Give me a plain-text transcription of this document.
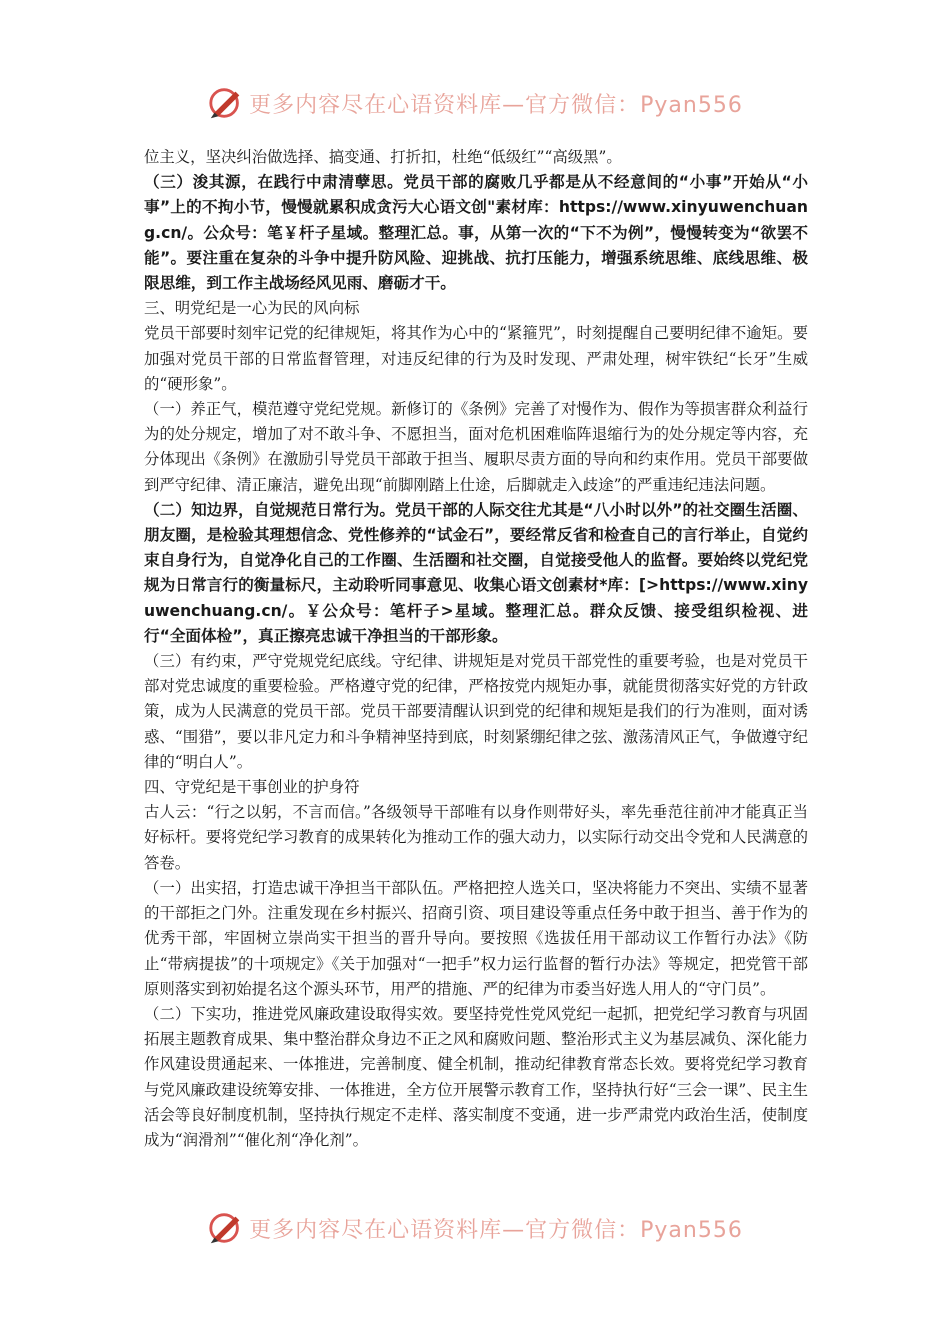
更多内容尽在心语资料库—官方微信：Pyan556

位主义，坚决纠治做选择、搞变通、打折扣，杜绝“低级红”“高级黑”。

（三）浚其源，在践行中肃清孽思。党员干部的腐败几乎都是从不经意间的“小事”开始从“小事”上的不拘小节，慢慢就累积成贪污大心语文创"素材库：https://www.xinyuwenchuang.cn/。公众号：笔￥杆子星域。整理汇总。事，从第一次的“下不为例”，慢慢转变为“欲罢不能”。要注重在复杂的斗争中提升防风险、迎挑战、抗打压能力，增强系统思维、底线思维、极限思维，到工作主战场经风见雨、磨砺才干。

三、明党纪是一心为民的风向标

党员干部要时刻牢记党的纪律规矩，将其作为心中的“紧箍咒”，时刻提醒自己要明纪律不逾矩。要加强对党员干部的日常监督管理，对违反纪律的行为及时发现、严肃处理，树牢铁纪“长牙”生威的“硬形象”。

（一）养正气，模范遵守党纪党规。新修订的《条例》完善了对慢作为、假作为等损害群众利益行为的处分规定，增加了对不敢斗争、不愿担当，面对危机困难临阵退缩行为的处分规定等内容，充分体现出《条例》在激励引导党员干部敢于担当、履职尽责方面的导向和约束作用。党员干部要做到严守纪律、清正廉洁，避免出现“前脚刚踏上仕途，后脚就走入歧途”的严重违纪违法问题。

（二）知边界，自觉规范日常行为。党员干部的人际交往尤其是“八小时以外”的社交圈生活圈、朋友圈，是检验其理想信念、党性修养的“试金石”，要经常反省和检查自己的言行举止，自觉约束自身行为，自觉净化自己的工作圈、生活圈和社交圈，自觉接受他人的监督。要始终以党纪党规为日常言行的衡量标尺，主动聆听同事意见、收集心语文创素材*库：[>https://www.xinyuwenchuang.cn/。￥公众号：笔杆子>星域。整理汇总。群众反馈、接受组织检视、进行“全面体检”，真正擦亮忠诚干净担当的干部形象。

（三）有约束，严守党规党纪底线。守纪律、讲规矩是对党员干部党性的重要考验，也是对党员干部对党忠诚度的重要检验。严格遵守党的纪律，严格按党内规矩办事，就能贯彻落实好党的方针政策，成为人民满意的党员干部。党员干部要清醒认识到党的纪律和规矩是我们的行为准则，面对诱惑、“围猎”，要以非凡定力和斗争精神坚持到底，时刻紧绷纪律之弦、激荡清风正气，争做遵守纪律的“明白人”。

四、守党纪是干事创业的护身符

古人云：“行之以躬，不言而信。”各级领导干部唯有以身作则带好头，率先垂范往前冲才能真正当好标杆。要将党纪学习教育的成果转化为推动工作的强大动力，以实际行动交出令党和人民满意的答卷。

（一）出实招，打造忠诚干净担当干部队伍。严格把控人选关口，坚决将能力不突出、实绩不显著的干部拒之门外。注重发现在乡村振兴、招商引资、项目建设等重点任务中敢于担当、善于作为的优秀干部，牢固树立崇尚实干担当的晋升导向。要按照《选拔任用干部动议工作暂行办法》《防止“带病提拔”的十项规定》《关于加强对“一把手”权力运行监督的暂行办法》等规定，把党管干部原则落实到初始提名这个源头环节，用严的措施、严的纪律为市委当好选人用人的“守门员”。

（二）下实功，推进党风廉政建设取得实效。要坚持党性党风党纪一起抓，把党纪学习教育与巩固拓展主题教育成果、集中整治群众身边不正之风和腐败问题、整治形式主义为基层减负、深化能力作风建设贯通起来、一体推进，完善制度、健全机制，推动纪律教育常态长效。要将党纪学习教育与党风廉政建设统筹安排、一体推进，全方位开展警示教育工作，坚持执行好“三会一课”、民主生活会等良好制度机制，坚持执行规定不走样、落实制度不变通，进一步严肃党内政治生活，使制度成为“润滑剂”“催化剂“净化剂”。

更多内容尽在心语资料库—官方微信：Pyan556
